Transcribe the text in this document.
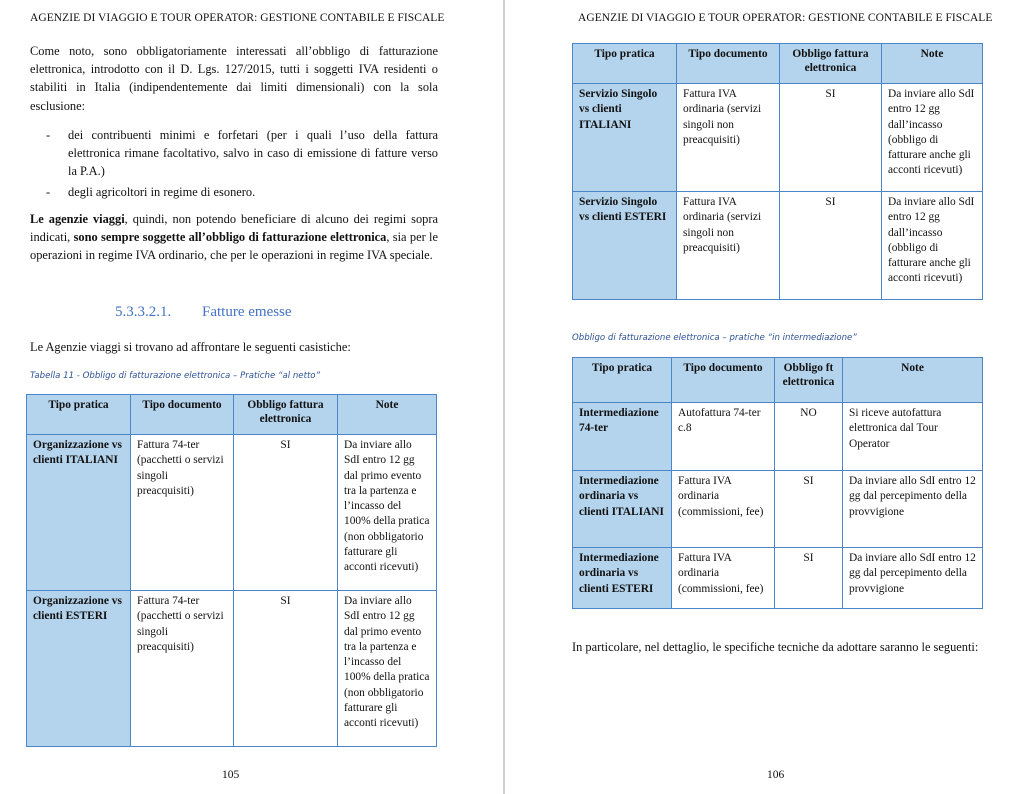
AGENZIE DI VIAGGIO E TOUR OPERATOR: GESTIONE CONTABILE E FISCALE

Come noto, sono obbligatoriamente interessati all’obbligo di fatturazione elettronica, introdotto con il D. Lgs. 127/2015, tutti i soggetti IVA residenti o stabiliti in Italia (indipendentemente dai limiti dimensionali) con la sola esclusione:

- dei contribuenti minimi e forfetari (per i quali l’uso della fattura elettronica rimane facoltativo, salvo in caso di emissione di fatture verso la P.A.)
- degli agricoltori in regime di esonero.

Le agenzie viaggi, quindi, non potendo beneficiare di alcuno dei regimi sopra indicati, sono sempre soggette all’obbligo di fatturazione elettronica, sia per le operazioni in regime IVA ordinario, che per le operazioni in regime IVA speciale.

5.3.3.2.1. Fatture emesse

Le Agenzie viaggi si trovano ad affrontare le seguenti casistiche:

Tabella 11 - Obbligo di fatturazione elettronica – Pratiche “al netto”
Tipo pratica	Tipo documento	Obbligo fattura elettronica	Note
Organizzazione vs clienti ITALIANI	Fattura 74-ter (pacchetti o servizi singoli preacquisiti)	SI	Da inviare allo SdI entro 12 gg dal primo evento tra la partenza e l’incasso del 100% della pratica (non obbligatorio fatturare gli acconti ricevuti)
Organizzazione vs clienti ESTERI	Fattura 74-ter (pacchetti o servizi singoli preacquisiti)	SI	Da inviare allo SdI entro 12 gg dal primo evento tra la partenza e l’incasso del 100% della pratica (non obbligatorio fatturare gli acconti ricevuti)
105
AGENZIE DI VIAGGIO E TOUR OPERATOR: GESTIONE CONTABILE E FISCALE
Tipo pratica	Tipo documento	Obbligo fattura elettronica	Note
Servizio Singolo vs clienti ITALIANI	Fattura IVA ordinaria (servizi singoli non preacquisiti)	SI	Da inviare allo SdI entro 12 gg dall’incasso (obbligo di fatturare anche gli acconti ricevuti)
Servizio Singolo vs clienti ESTERI	Fattura IVA ordinaria (servizi singoli non preacquisiti)	SI	Da inviare allo SdI entro 12 gg dall’incasso (obbligo di fatturare anche gli acconti ricevuti)
Obbligo di fatturazione elettronica – pratiche “in intermediazione”
Tipo pratica	Tipo documento	Obbligo ft elettronica	Note
Intermediazione 74-ter	Autofattura 74-ter c.8	NO	Si riceve autofattura elettronica dal Tour Operator
Intermediazione ordinaria vs clienti ITALIANI	Fattura IVA ordinaria (commissioni, fee)	SI	Da inviare allo SdI entro 12 gg dal percepimento della provvigione
Intermediazione ordinaria vs clienti ESTERI	Fattura IVA ordinaria (commissioni, fee)	SI	Da inviare allo SdI entro 12 gg dal percepimento della provvigione

In particolare, nel dettaglio, le specifiche tecniche da adottare saranno le seguenti:

106
